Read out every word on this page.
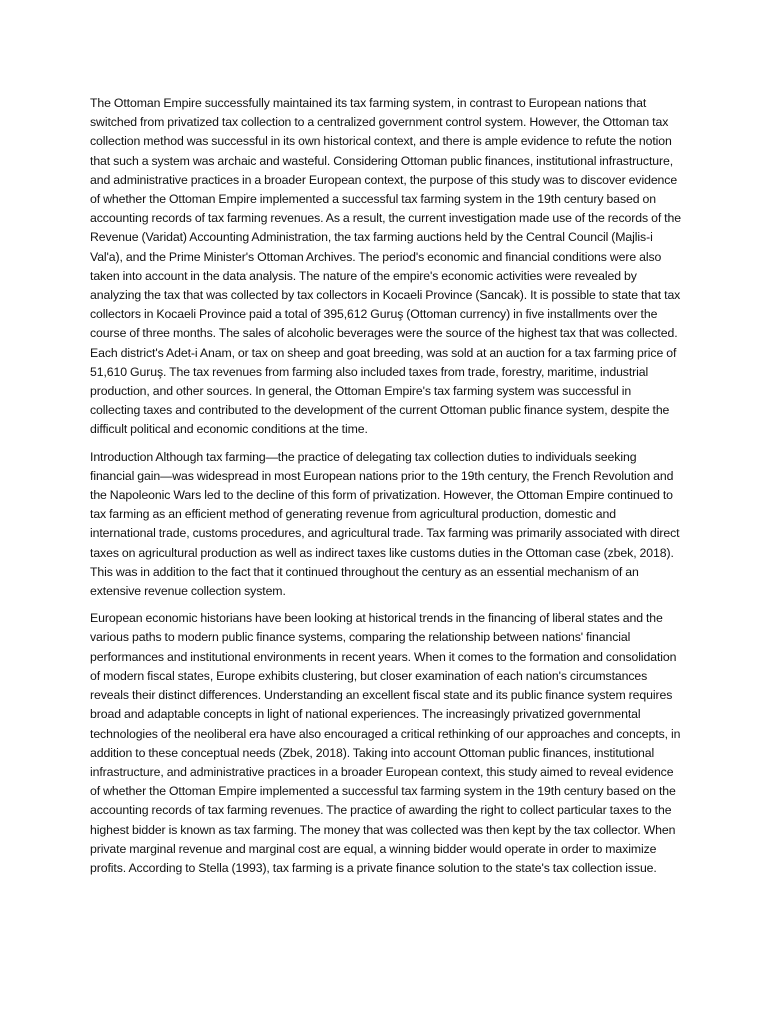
The Ottoman Empire successfully maintained its tax farming system, in contrast to European nations that switched from privatized tax collection to a centralized government control system. However, the Ottoman tax collection method was successful in its own historical context, and there is ample evidence to refute the notion that such a system was archaic and wasteful. Considering Ottoman public finances, institutional infrastructure, and administrative practices in a broader European context, the purpose of this study was to discover evidence of whether the Ottoman Empire implemented a successful tax farming system in the 19th century based on accounting records of tax farming revenues. As a result, the current investigation made use of the records of the Revenue (Varidat) Accounting Administration, the tax farming auctions held by the Central Council (Majlis-i Val'a), and the Prime Minister's Ottoman Archives. The period's economic and financial conditions were also taken into account in the data analysis. The nature of the empire's economic activities were revealed by analyzing the tax that was collected by tax collectors in Kocaeli Province (Sancak). It is possible to state that tax collectors in Kocaeli Province paid a total of 395,612 Guruş (Ottoman currency) in five installments over the course of three months. The sales of alcoholic beverages were the source of the highest tax that was collected. Each district's Adet-i Anam, or tax on sheep and goat breeding, was sold at an auction for a tax farming price of 51,610 Guruş. The tax revenues from farming also included taxes from trade, forestry, maritime, industrial production, and other sources. In general, the Ottoman Empire's tax farming system was successful in collecting taxes and contributed to the development of the current Ottoman public finance system, despite the difficult political and economic conditions at the time.

Introduction Although tax farming—the practice of delegating tax collection duties to individuals seeking financial gain—was widespread in most European nations prior to the 19th century, the French Revolution and the Napoleonic Wars led to the decline of this form of privatization. However, the Ottoman Empire continued to tax farming as an efficient method of generating revenue from agricultural production, domestic and international trade, customs procedures, and agricultural trade. Tax farming was primarily associated with direct taxes on agricultural production as well as indirect taxes like customs duties in the Ottoman case (zbek, 2018). This was in addition to the fact that it continued throughout the century as an essential mechanism of an extensive revenue collection system.

European economic historians have been looking at historical trends in the financing of liberal states and the various paths to modern public finance systems, comparing the relationship between nations' financial performances and institutional environments in recent years. When it comes to the formation and consolidation of modern fiscal states, Europe exhibits clustering, but closer examination of each nation's circumstances reveals their distinct differences. Understanding an excellent fiscal state and its public finance system requires broad and adaptable concepts in light of national experiences. The increasingly privatized governmental technologies of the neoliberal era have also encouraged a critical rethinking of our approaches and concepts, in addition to these conceptual needs (Zbek, 2018). Taking into account Ottoman public finances, institutional infrastructure, and administrative practices in a broader European context, this study aimed to reveal evidence of whether the Ottoman Empire implemented a successful tax farming system in the 19th century based on the accounting records of tax farming revenues. The practice of awarding the right to collect particular taxes to the highest bidder is known as tax farming. The money that was collected was then kept by the tax collector. When private marginal revenue and marginal cost are equal, a winning bidder would operate in order to maximize profits. According to Stella (1993), tax farming is a private finance solution to the state's tax collection issue.
